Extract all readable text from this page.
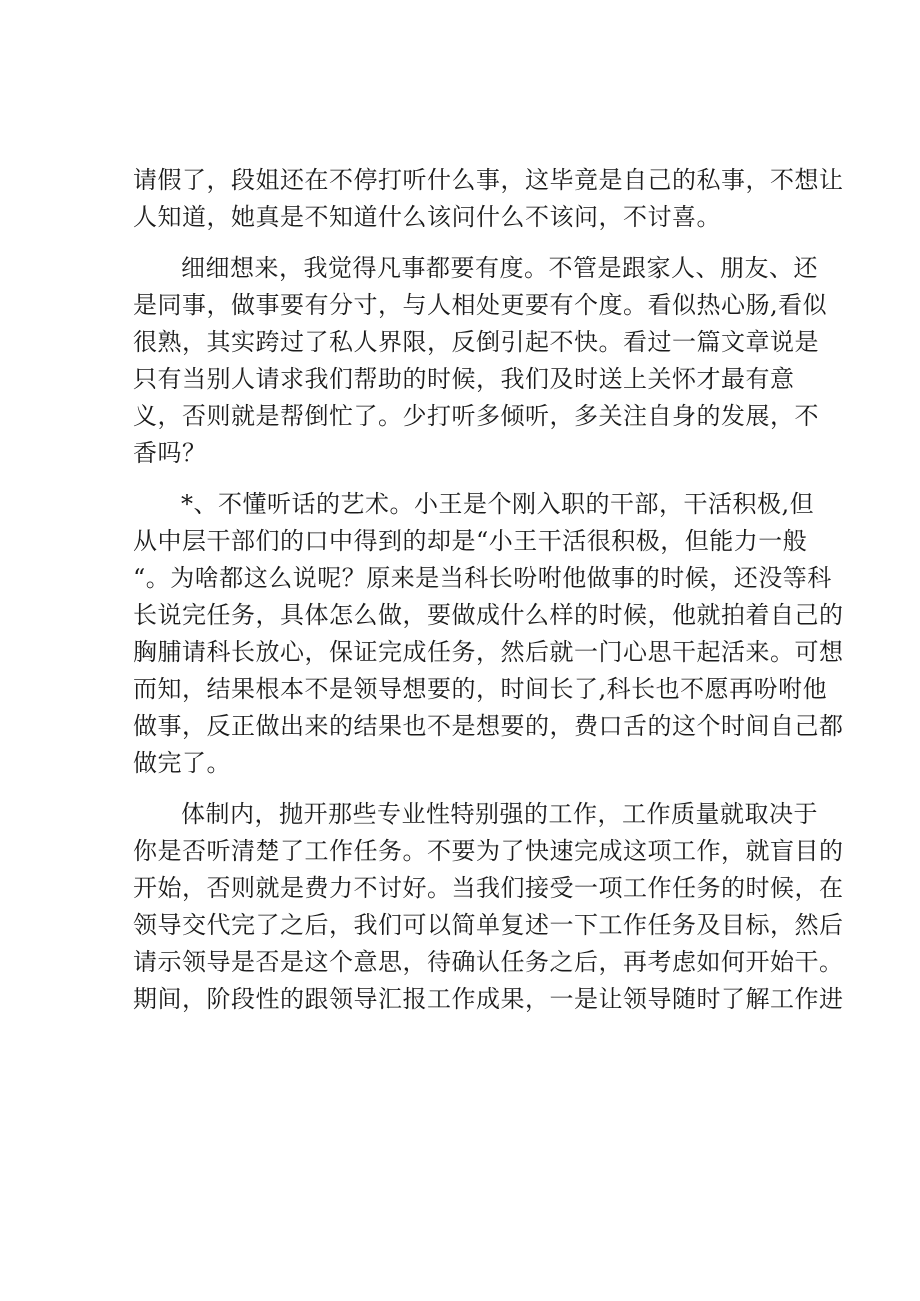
请假了，段姐还在不停打听什么事，这毕竟是自己的私事，不想让
人知道，她真是不知道什么该问什么不该问，不讨喜。
细细想来，我觉得凡事都要有度。不管是跟家人、朋友、还
是同事，做事要有分寸，与人相处更要有个度。看似热心肠,看似
很熟，其实跨过了私人界限，反倒引起不快。看过一篇文章说是
只有当别人请求我们帮助的时候，我们及时送上关怀才最有意
义，否则就是帮倒忙了。少打听多倾听，多关注自身的发展，不
香吗？
*、不懂听话的艺术。小王是个刚入职的干部，干活积极,但
从中层干部们的口中得到的却是“小王干活很积极，但能力一般
“。为啥都这么说呢？原来是当科长吩咐他做事的时候，还没等科
长说完任务，具体怎么做，要做成什么样的时候，他就拍着自己的
胸脯请科长放心，保证完成任务，然后就一门心思干起活来。可想
而知，结果根本不是领导想要的，时间长了,科长也不愿再吩咐他
做事，反正做出来的结果也不是想要的，费口舌的这个时间自己都
做完了。
体制内，抛开那些专业性特别强的工作，工作质量就取决于
你是否听清楚了工作任务。不要为了快速完成这项工作，就盲目的
开始，否则就是费力不讨好。当我们接受一项工作任务的时候，在
领导交代完了之后，我们可以简单复述一下工作任务及目标，然后
请示领导是否是这个意思，待确认任务之后，再考虑如何开始干。
期间，阶段性的跟领导汇报工作成果，一是让领导随时了解工作进
